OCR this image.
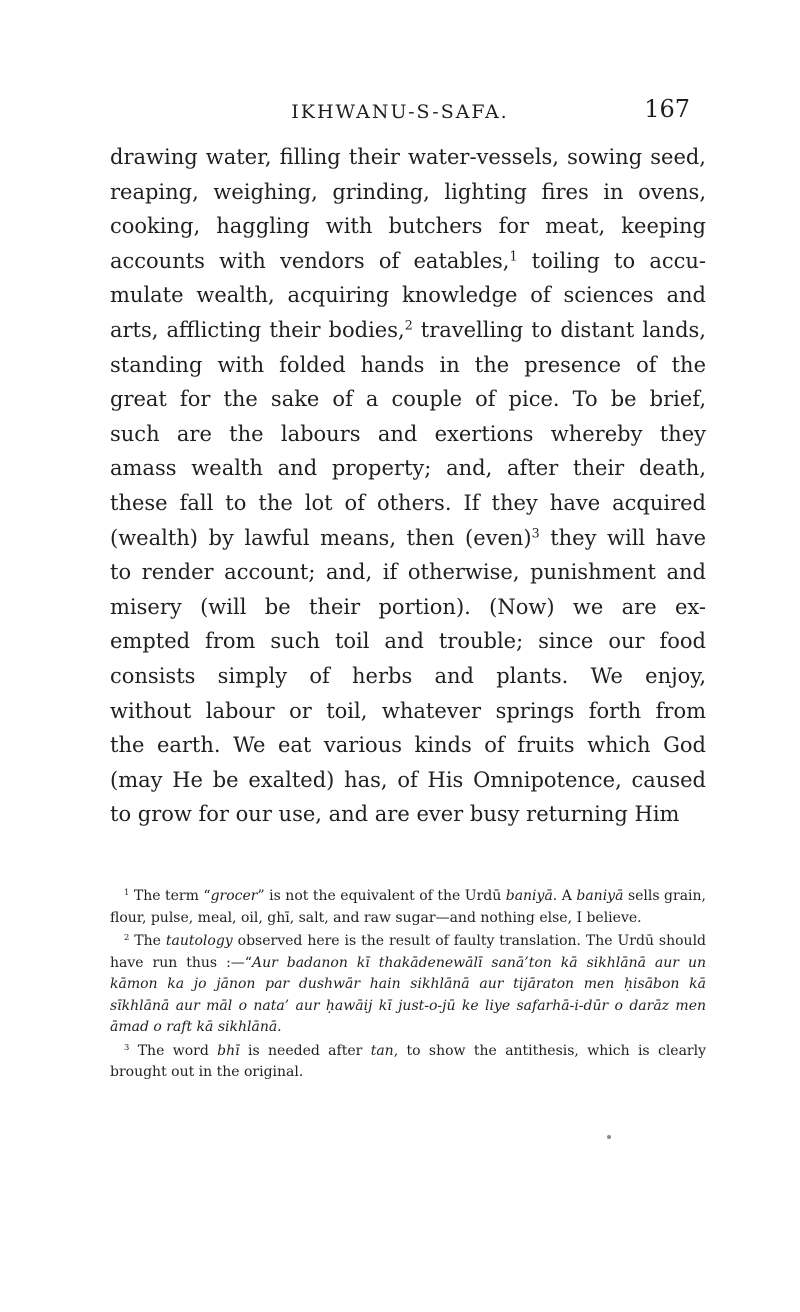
IKHWANU-S-SAFA.	167
drawing water, filling their water-vessels, sowing seed,
reaping, weighing, grinding, lighting fires in ovens,
cooking, haggling with butchers for meat, keeping
accounts with vendors of eatables,$^1$ toiling to accu-
mulate wealth, acquiring knowledge of sciences and
arts, afflicting their bodies,$^2$ travelling to distant lands,
standing with folded hands in the presence of the
great for the sake of a couple of pice. To be brief,
such are the labours and exertions whereby they
amass wealth and property; and, after their death,
these fall to the lot of others. If they have acquired
(wealth) by lawful means, then (even)$^3$ they will have
to render account; and, if otherwise, punishment and
misery (will be their portion). (Now) we are ex-
empted from such toil and trouble; since our food
consists simply of herbs and plants. We enjoy,
without labour or toil, whatever springs forth from
the earth. We eat various kinds of fruits which God
(may He be exalted) has, of His Omnipotence, caused
to grow for our use, and are ever busy returning Him

$^1$ The term “grocer” is not the equivalent of the Urdū baniyā. A baniyā sells grain, flour, pulse, meal, oil, ghī, salt, and raw sugar—and nothing else, I believe.

$^2$ The tautology observed here is the result of faulty translation. The Urdū should have run thus :—“Aur badanon kī thakādenewālī sanā’ton kā sikhlānā aur un kāmon ka jo jānon par dushwār hain sikhlānā aur tijāraton men ḥisābon kā sīkhlānā aur māl o nata’ aur ḥawāij kī just-o-jū ke liye safarhā-i-dūr o darāz men āmad o raft kā sikhlānā.

$^3$ The word bhī is needed after tan, to show the antithesis, which is clearly brought out in the original.
